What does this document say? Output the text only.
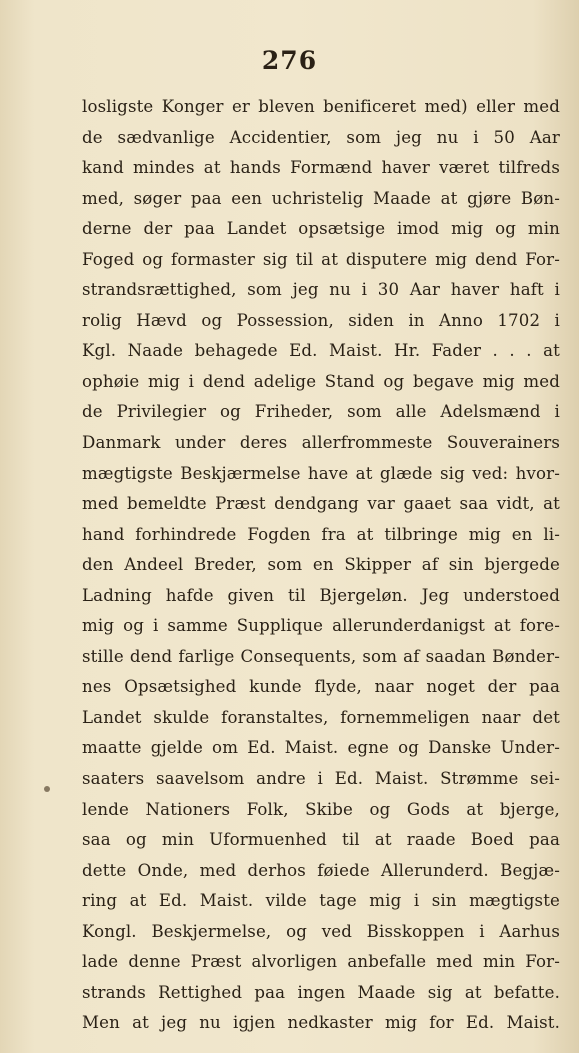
276
losligste Konger er bleven benificeret med) eller med
de sædvanlige Accidentier, som jeg nu i 50 Aar
kand mindes at hands Formænd haver været tilfreds
med, søger paa een uchristelig Maade at gjøre Bøn-
derne der paa Landet opsætsige imod mig og min
Foged og formaster sig til at disputere mig dend For-
strandsrættighed, som jeg nu i 30 Aar haver haft i
rolig Hævd og Possession, siden in Anno 1702 i
Kgl. Naade behagede Ed. Maist. Hr. Fader . . . at
ophøie mig i dend adelige Stand og begave mig med
de Privilegier og Friheder, som alle Adelsmænd i
Danmark under deres allerfrommeste Souverainers
mægtigste Beskjærmelse have at glæde sig ved: hvor-
med bemeldte Præst dendgang var gaaet saa vidt, at
hand forhindrede Fogden fra at tilbringe mig en li-
den Andeel Breder, som en Skipper af sin bjergede
Ladning hafde given til Bjergeløn. Jeg understoed
mig og i samme Supplique allerunderdanigst at fore-
stille dend farlige Consequents, som af saadan Bønder-
nes Opsætsighed kunde flyde, naar noget der paa
Landet skulde foranstaltes, fornemmeligen naar det
maatte gjelde om Ed. Maist. egne og Danske Under-
saaters saavelsom andre i Ed. Maist. Strømme sei-
lende Nationers Folk, Skibe og Gods at bjerge,
saa og min Uformuenhed til at raade Boed paa
dette Onde, med derhos føiede Allerunderd. Begjæ-
ring at Ed. Maist. vilde tage mig i sin mægtigste
Kongl. Beskjermelse, og ved Bisskoppen i Aarhus
lade denne Præst alvorligen anbefalle med min For-
strands Rettighed paa ingen Maade sig at befatte.
Men at jeg nu igjen nedkaster mig for Ed. Maist.
